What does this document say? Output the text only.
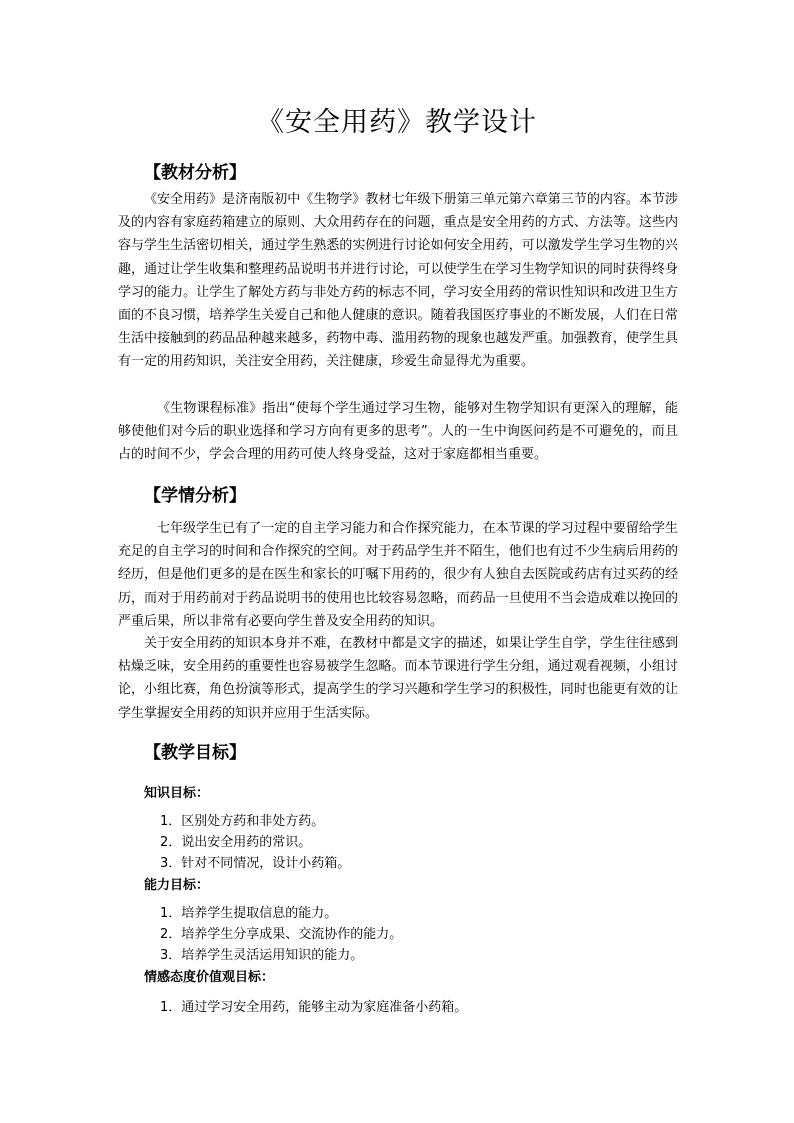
《安全用药》教学设计
【教材分析】

《安全用药》是济南版初中《生物学》教材七年级下册第三单元第六章第三节的内容。本节涉及的内容有家庭药箱建立的原则、大众用药存在的问题，重点是安全用药的方式、方法等。这些内容与学生生活密切相关，通过学生熟悉的实例进行讨论如何安全用药，可以激发学生学习生物的兴趣，通过让学生收集和整理药品说明书并进行讨论，可以使学生在学习生物学知识的同时获得终身学习的能力。让学生了解处方药与非处方药的标志不同，学习安全用药的常识性知识和改进卫生方面的不良习惯，培养学生关爱自己和他人健康的意识。随着我国医疗事业的不断发展，人们在日常生活中接触到的药品品种越来越多，药物中毒、滥用药物的现象也越发严重。加强教育，使学生具有一定的用药知识，关注安全用药，关注健康，珍爱生命显得尤为重要。

《生物课程标准》指出“使每个学生通过学习生物，能够对生物学知识有更深入的理解，能够使他们对今后的职业选择和学习方向有更多的思考”。人的一生中询医问药是不可避免的，而且占的时间不少，学会合理的用药可使人终身受益，这对于家庭都相当重要。

【学情分析】

七年级学生已有了一定的自主学习能力和合作探究能力，在本节课的学习过程中要留给学生充足的自主学习的时间和合作探究的空间。对于药品学生并不陌生，他们也有过不少生病后用药的经历，但是他们更多的是在医生和家长的叮嘱下用药的，很少有人独自去医院或药店有过买药的经历，而对于用药前对于药品说明书的使用也比较容易忽略，而药品一旦使用不当会造成难以挽回的严重后果，所以非常有必要向学生普及安全用药的知识。

关于安全用药的知识本身并不难，在教材中都是文字的描述，如果让学生自学，学生往往感到枯燥乏味，安全用药的重要性也容易被学生忽略。而本节课进行学生分组，通过观看视频，小组讨论，小组比赛，角色扮演等形式，提高学生的学习兴趣和学生学习的积极性，同时也能更有效的让学生掌握安全用药的知识并应用于生活实际。

【教学目标】
知识目标：
1．区别处方药和非处方药。
2．说出安全用药的常识。
3．针对不同情况，设计小药箱。
能力目标：
1．培养学生提取信息的能力。
2．培养学生分享成果、交流协作的能力。
3．培养学生灵活运用知识的能力。
情感态度价值观目标：
1．通过学习安全用药，能够主动为家庭准备小药箱。
